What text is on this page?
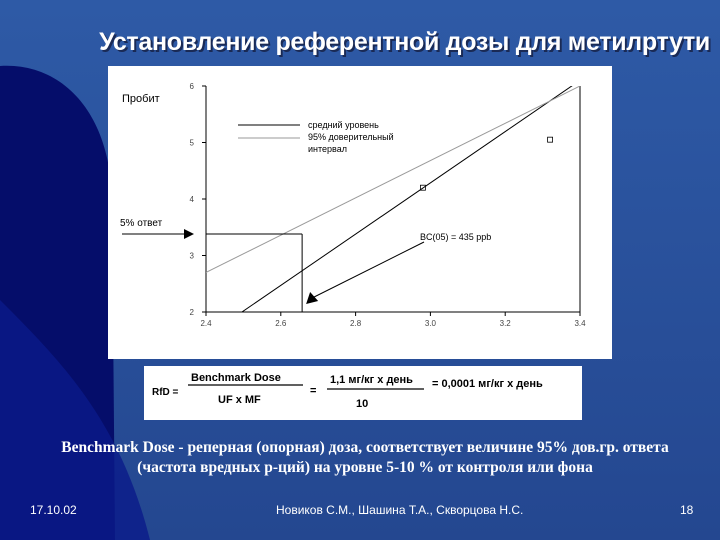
Установление референтной дозы для метилртути
Пробит
средний уровень
95% доверительный интервал
5% ответ
BC(05) = 435 ppb
2
3
4
5
6
2.4	2.6	2.8	3.0	3.2	3.4
RfD =
Benchmark Dose
UF x MF
=
1,1 мг/кг х день
10
= 0,0001 мг/кг х день
Benchmark Dose - реперная (опорная) доза, соответствует величине 95% дов.гр. ответа (частота вредных р-ций) на уровне 5-10 % от контроля или фона
17.10.02	Новиков С.М., Шашина Т.А., Скворцова Н.С.	18
